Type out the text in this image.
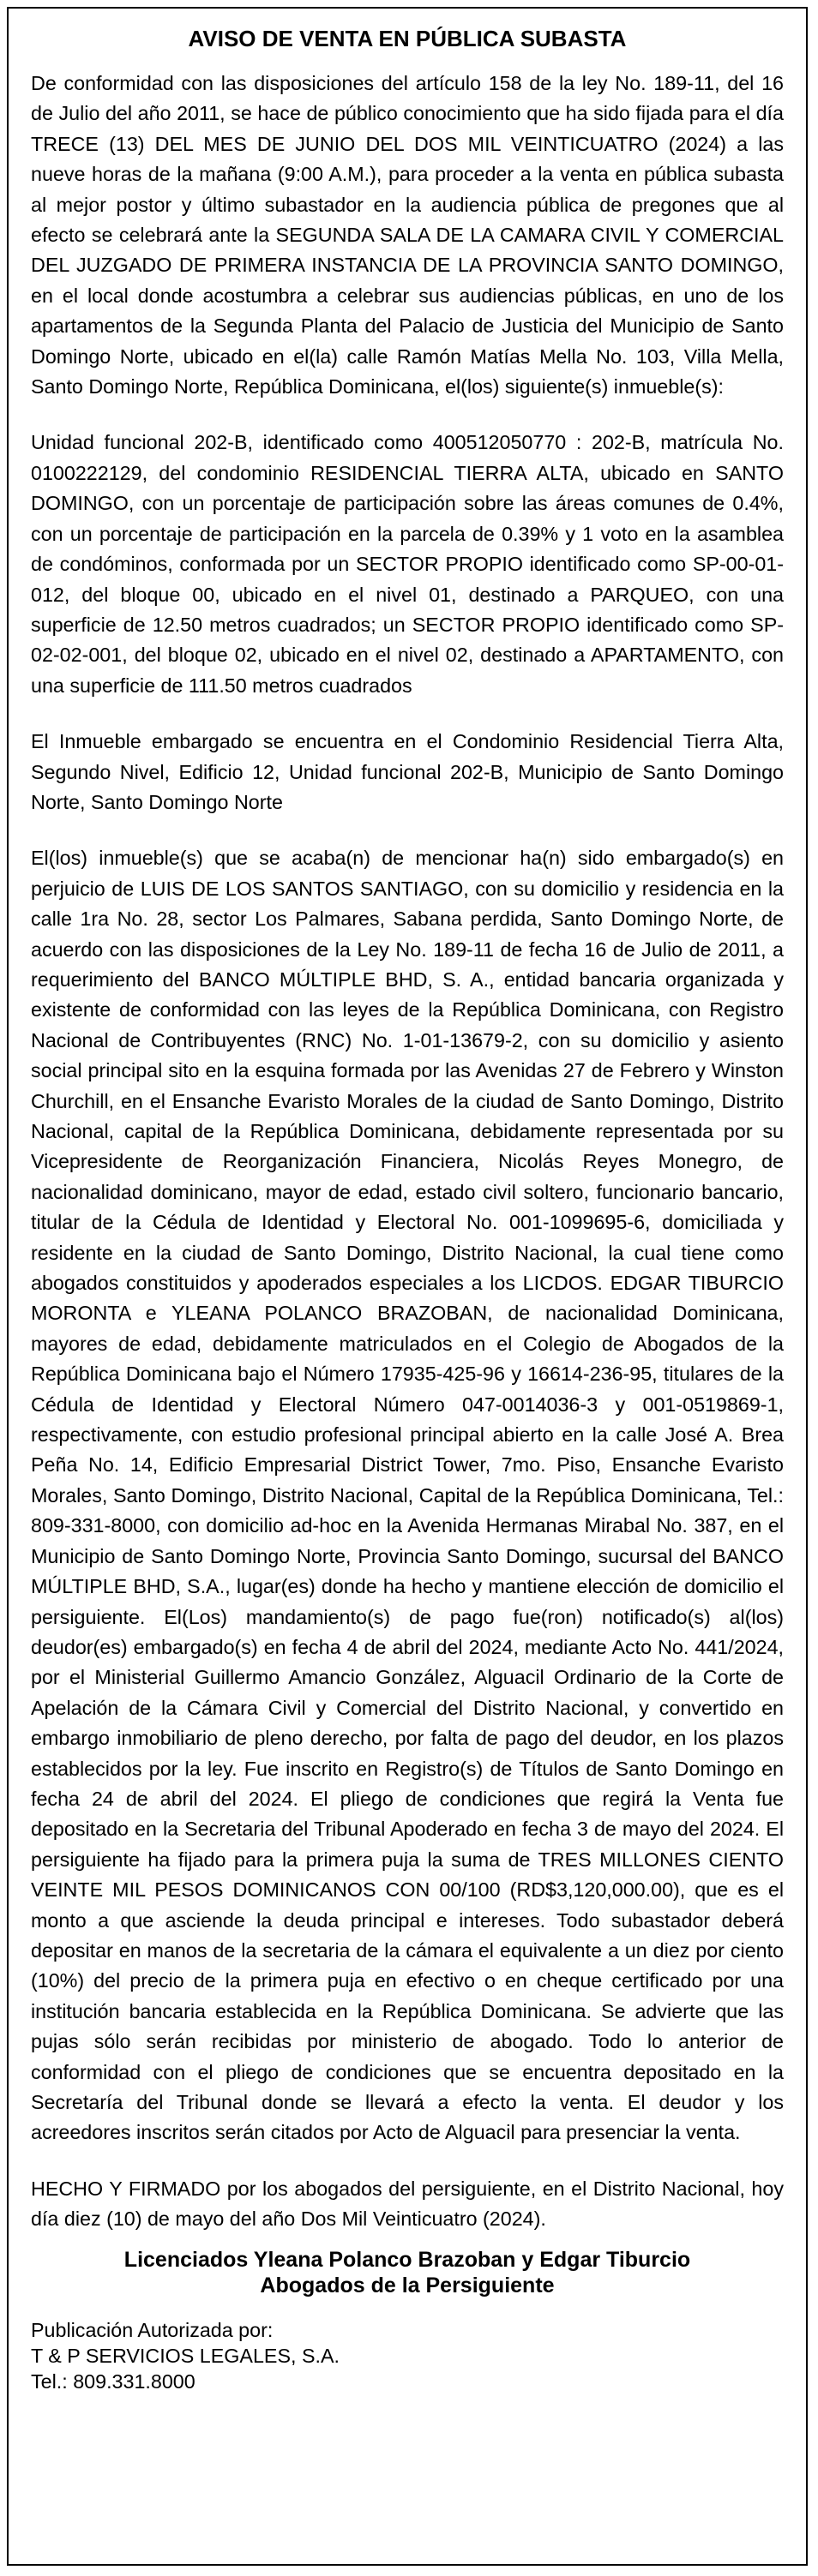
AVISO DE VENTA EN PÚBLICA SUBASTA

De conformidad con las disposiciones del artículo 158 de la ley No. 189-11, del 16 de Julio del año 2011, se hace de público conocimiento que ha sido fijada para el día TRECE (13) DEL MES DE JUNIO DEL DOS MIL VEINTICUATRO (2024) a las nueve horas de la mañana (9:00 A.M.), para proceder a la venta en pública subasta al mejor postor y último subastador en la audiencia pública de pregones que al efecto se celebrará ante la SEGUNDA SALA DE LA CAMARA CIVIL Y COMERCIAL DEL JUZGADO DE PRIMERA INSTANCIA DE LA PROVINCIA SANTO DOMINGO, en el local donde acostumbra a celebrar sus audiencias públicas, en uno de los apartamentos de la Segunda Planta del Palacio de Justicia del Municipio de Santo Domingo Norte, ubicado en el(la) calle Ramón Matías Mella No. 103, Villa Mella, Santo Domingo Norte, República Dominicana, el(los) siguiente(s) inmueble(s):

Unidad funcional 202-B, identificado como 400512050770 : 202-B, matrícula No. 0100222129, del condominio RESIDENCIAL TIERRA ALTA, ubicado en SANTO DOMINGO, con un porcentaje de participación sobre las áreas comunes de 0.4%, con un porcentaje de participación en la parcela de 0.39% y 1 voto en la asamblea de condóminos, conformada por un SECTOR PROPIO identificado como SP-00-01-012, del bloque 00, ubicado en el nivel 01, destinado a PARQUEO, con una superficie de 12.50 metros cuadrados; un SECTOR PROPIO identificado como SP-02-02-001, del bloque 02, ubicado en el nivel 02, destinado a APARTAMENTO, con una superficie de 111.50 metros cuadrados

El Inmueble embargado se encuentra en el Condominio Residencial Tierra Alta, Segundo Nivel, Edificio 12, Unidad funcional 202-B, Municipio de Santo Domingo Norte, Santo Domingo Norte

El(los) inmueble(s) que se acaba(n) de mencionar ha(n) sido embargado(s) en perjuicio de LUIS DE LOS SANTOS SANTIAGO, con su domicilio y residencia en la calle 1ra No. 28, sector Los Palmares, Sabana perdida, Santo Domingo Norte, de acuerdo con las disposiciones de la Ley No. 189-11 de fecha 16 de Julio de 2011, a requerimiento del BANCO MÚLTIPLE BHD, S. A., entidad bancaria organizada y existente de conformidad con las leyes de la República Dominicana, con Registro Nacional de Contribuyentes (RNC) No. 1-01-13679-2, con su domicilio y asiento social principal sito en la esquina formada por las Avenidas 27 de Febrero y Winston Churchill, en el Ensanche Evaristo Morales de la ciudad de Santo Domingo, Distrito Nacional, capital de la República Dominicana, debidamente representada por su Vicepresidente de Reorganización Financiera, Nicolás Reyes Monegro, de nacionalidad dominicano, mayor de edad, estado civil soltero, funcionario bancario, titular de la Cédula de Identidad y Electoral No. 001-1099695-6, domiciliada y residente en la ciudad de Santo Domingo, Distrito Nacional, la cual tiene como abogados constituidos y apoderados especiales a los LICDOS. EDGAR TIBURCIO MORONTA e YLEANA POLANCO BRAZOBAN, de nacionalidad Dominicana, mayores de edad, debidamente matriculados en el Colegio de Abogados de la República Dominicana bajo el Número 17935-425-96 y 16614-236-95, titulares de la Cédula de Identidad y Electoral Número 047-0014036-3 y 001-0519869-1, respectivamente, con estudio profesional principal abierto en la calle José A. Brea Peña No. 14, Edificio Empresarial District Tower, 7mo. Piso, Ensanche Evaristo Morales, Santo Domingo, Distrito Nacional, Capital de la República Dominicana, Tel.: 809-331-8000, con domicilio ad-hoc en la Avenida Hermanas Mirabal No. 387, en el Municipio de Santo Domingo Norte, Provincia Santo Domingo, sucursal del BANCO MÚLTIPLE BHD, S.A., lugar(es) donde ha hecho y mantiene elección de domicilio el persiguiente. El(Los) mandamiento(s) de pago fue(ron) notificado(s) al(los) deudor(es) embargado(s) en fecha 4 de abril del 2024, mediante Acto No. 441/2024, por el Ministerial Guillermo Amancio González, Alguacil Ordinario de la Corte de Apelación de la Cámara Civil y Comercial del Distrito Nacional, y convertido en embargo inmobiliario de pleno derecho, por falta de pago del deudor, en los plazos establecidos por la ley. Fue inscrito en Registro(s) de Títulos de Santo Domingo en fecha 24 de abril del 2024. El pliego de condiciones que regirá la Venta fue depositado en la Secretaria del Tribunal Apoderado en fecha 3 de mayo del 2024. El persiguiente ha fijado para la primera puja la suma de TRES MILLONES CIENTO VEINTE MIL PESOS DOMINICANOS CON 00/100 (RD$3,120,000.00), que es el monto a que asciende la deuda principal e intereses. Todo subastador deberá depositar en manos de la secretaria de la cámara el equivalente a un diez por ciento (10%) del precio de la primera puja en efectivo o en cheque certificado por una institución bancaria establecida en la República Dominicana. Se advierte que las pujas sólo serán recibidas por ministerio de abogado. Todo lo anterior de conformidad con el pliego de condiciones que se encuentra depositado en la Secretaría del Tribunal donde se llevará a efecto la venta. El deudor y los acreedores inscritos serán citados por Acto de Alguacil para presenciar la venta.

HECHO Y FIRMADO por los abogados del persiguiente, en el Distrito Nacional, hoy día diez (10) de mayo del año Dos Mil Veinticuatro (2024).

Licenciados Yleana Polanco Brazoban y Edgar Tiburcio
Abogados de la Persiguiente
Publicación Autorizada por:
T & P SERVICIOS LEGALES, S.A.
Tel.: 809.331.8000
